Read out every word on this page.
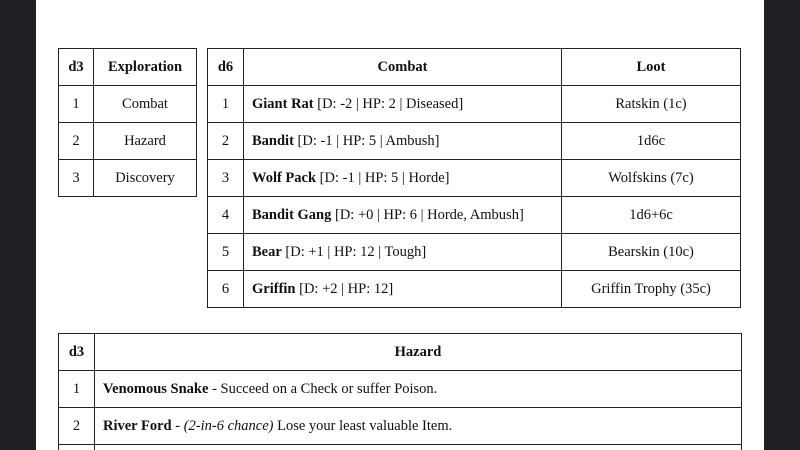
d3	Exploration
1	Combat
2	Hazard
3	Discovery
d6	Combat	Loot
1	Giant Rat [D: -2 | HP: 2 | Diseased]	Ratskin (1c)
2	Bandit [D: -1 | HP: 5 | Ambush]	1d6c
3	Wolf Pack [D: -1 | HP: 5 | Horde]	Wolfskins (7c)
4	Bandit Gang [D: +0 | HP: 6 | Horde, Ambush]	1d6+6c
5	Bear [D: +1 | HP: 12 | Tough]	Bearskin (10c)
6	Griffin [D: +2 | HP: 12]	Griffin Trophy (35c)
d3	Hazard
1	Venomous Snake - Succeed on a Check or suffer Poison.
2	River Ford - (2-in-6 chance) Lose your least valuable Item.
